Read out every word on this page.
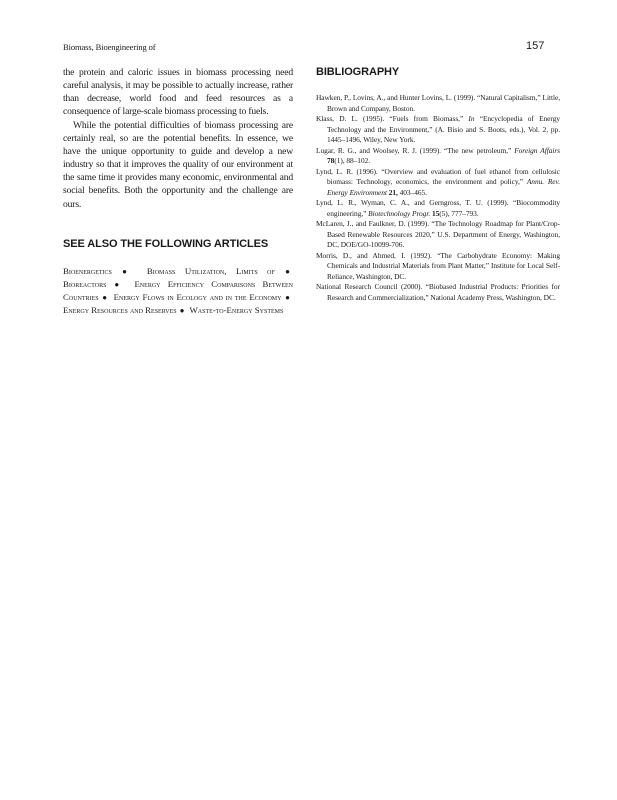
Biomass, Bioengineering of	157

the protein and caloric issues in biomass processing need careful analysis, it may be possible to actually increase, rather than decrease, world food and feed resources as a consequence of large-scale biomass processing to fuels.

While the potential difficulties of biomass processing are certainly real, so are the potential benefits. In essence, we have the unique opportunity to guide and develop a new industry so that it improves the quality of our environment at the same time it provides many economic, environmental and social benefits. Both the opportunity and the challenge are ours.

SEE ALSO THE FOLLOWING ARTICLES

Bioenergetics ● Biomass Utilization, Limits of ● Bioreactors ● Energy Efficiency Comparisons Between Countries ● Energy Flows in Ecology and in the Economy ● Energy Resources and Reserves ● Waste-to-Energy Systems

BIBLIOGRAPHY
Hawken, P., Lovins, A., and Hunter Lovins, L. (1999). “Natural Capitalism,” Little, Brown and Company, Boston.
Klass, D. L. (1995). “Fuels from Biomass,” In “Encyclopedia of Energy Technology and the Environment,” (A. Bisio and S. Boots, eds.), Vol. 2, pp. 1445–1496, Wiley, New York.
Lugar, R. G., and Woolsey, R. J. (1999). “The new petroleum,” Foreign Affairs 78(1), 88–102.
Lynd, L. R. (1996). “Overview and evaluation of fuel ethanol from cellulosic biomass: Technology, economics, the environment and policy,” Annu. Rev. Energy Environment 21, 403–465.
Lynd, L. R., Wyman, C. A., and Gerngross, T. U. (1999). “Biocommodity engineering,” Biotechnology Progr. 15(5), 777–793.
McLaren, J., and Faulkner, D. (1999). “The Technology Roadmap for Plant/Crop-Based Renewable Resources 2020,” U.S. Department of Energy, Washington, DC, DOE/GO-10099-706.
Morris, D., and Ahmed, I. (1992). “The Carbohydrate Economy: Making Chemicals and Industrial Materials from Plant Matter,” Institute for Local Self-Reliance, Washington, DC.
National Research Council (2000). “Biobased Industrial Products: Priorities for Research and Commercialization,” National Academy Press, Washington, DC.
